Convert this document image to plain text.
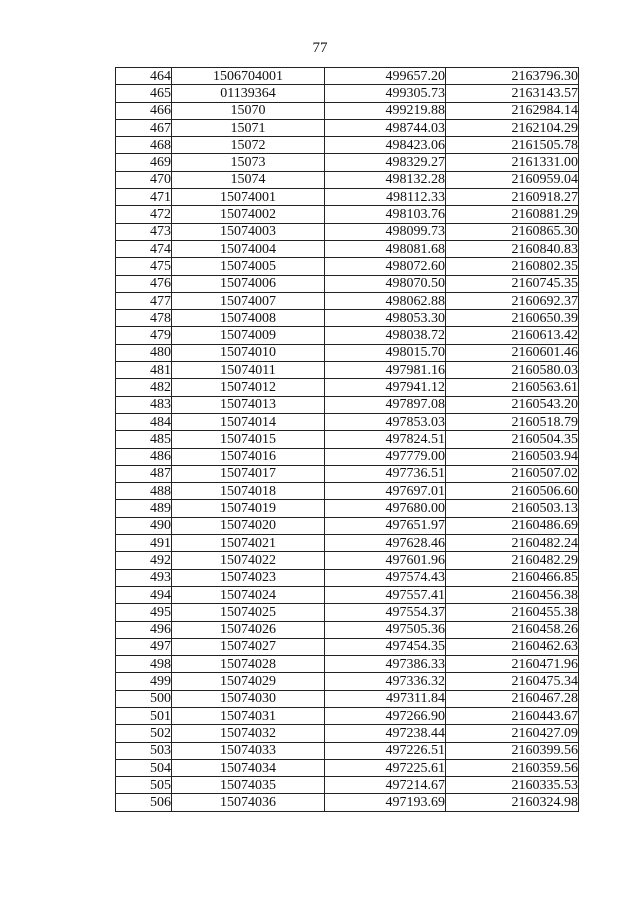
77
464	1506704001	499657.20	2163796.30
465	01139364	499305.73	2163143.57
466	15070	499219.88	2162984.14
467	15071	498744.03	2162104.29
468	15072	498423.06	2161505.78
469	15073	498329.27	2161331.00
470	15074	498132.28	2160959.04
471	15074001	498112.33	2160918.27
472	15074002	498103.76	2160881.29
473	15074003	498099.73	2160865.30
474	15074004	498081.68	2160840.83
475	15074005	498072.60	2160802.35
476	15074006	498070.50	2160745.35
477	15074007	498062.88	2160692.37
478	15074008	498053.30	2160650.39
479	15074009	498038.72	2160613.42
480	15074010	498015.70	2160601.46
481	15074011	497981.16	2160580.03
482	15074012	497941.12	2160563.61
483	15074013	497897.08	2160543.20
484	15074014	497853.03	2160518.79
485	15074015	497824.51	2160504.35
486	15074016	497779.00	2160503.94
487	15074017	497736.51	2160507.02
488	15074018	497697.01	2160506.60
489	15074019	497680.00	2160503.13
490	15074020	497651.97	2160486.69
491	15074021	497628.46	2160482.24
492	15074022	497601.96	2160482.29
493	15074023	497574.43	2160466.85
494	15074024	497557.41	2160456.38
495	15074025	497554.37	2160455.38
496	15074026	497505.36	2160458.26
497	15074027	497454.35	2160462.63
498	15074028	497386.33	2160471.96
499	15074029	497336.32	2160475.34
500	15074030	497311.84	2160467.28
501	15074031	497266.90	2160443.67
502	15074032	497238.44	2160427.09
503	15074033	497226.51	2160399.56
504	15074034	497225.61	2160359.56
505	15074035	497214.67	2160335.53
506	15074036	497193.69	2160324.98
